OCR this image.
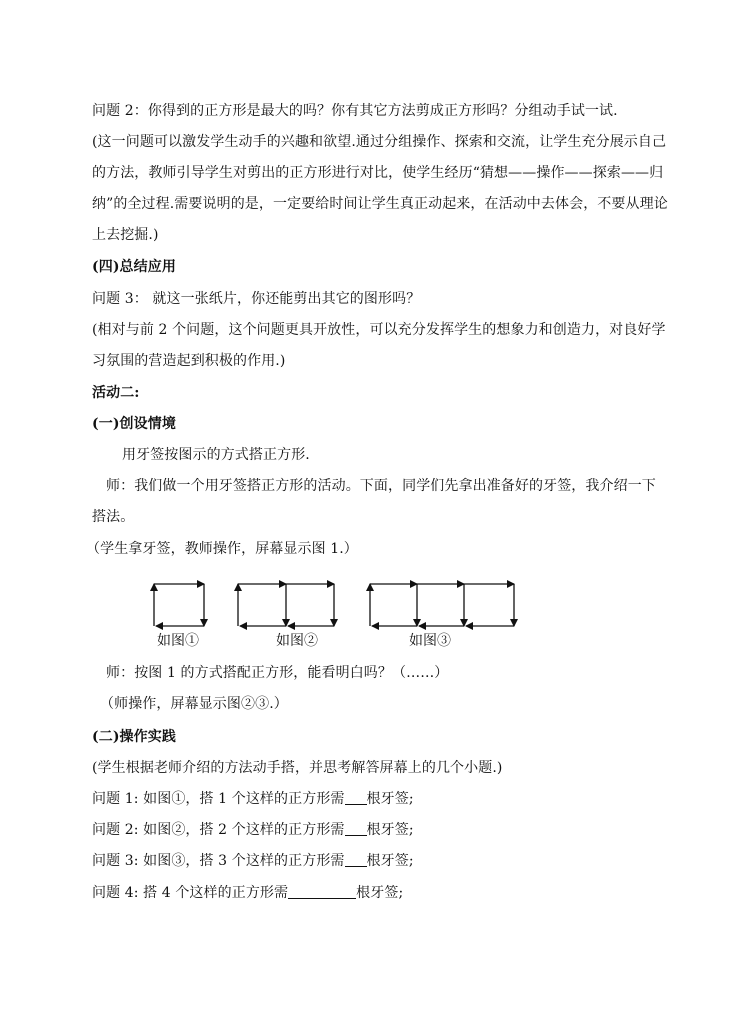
问题 2：你得到的正方形是最大的吗？你有其它方法剪成正方形吗？分组动手试一试.
(这一问题可以激发学生动手的兴趣和欲望.通过分组操作、探索和交流，让学生充分展示自己
的方法，教师引导学生对剪出的正方形进行对比，使学生经历“猜想——操作——探索——归
纳”的全过程.需要说明的是，一定要给时间让学生真正动起来，在活动中去体会，不要从理论
上去挖掘.)
(四)总结应用
问题 3： 就这一张纸片，你还能剪出其它的图形吗？
(相对与前 2 个问题，这个问题更具开放性，可以充分发挥学生的想象力和创造力，对良好学
习氛围的营造起到积极的作用.)
活动二:
(一)创设情境
用牙签按图示的方式搭正方形.
师：我们做一个用牙签搭正方形的活动。下面，同学们先拿出准备好的牙签，我介绍一下
搭法。
（学生拿牙签，教师操作，屏幕显示图 1.）
如图①	如图②	如图③
师：按图 1 的方式搭配正方形，能看明白吗？（……）
（师操作，屏幕显示图②③.）
(二)操作实践
(学生根据老师介绍的方法动手搭，并思考解答屏幕上的几个小题.)
问题 1: 如图①，搭 1 个这样的正方形需 根牙签;
问题 2: 如图②，搭 2 个这样的正方形需 根牙签;
问题 3: 如图③，搭 3 个这样的正方形需 根牙签;
问题 4: 搭 4 个这样的正方形需	根牙签;
